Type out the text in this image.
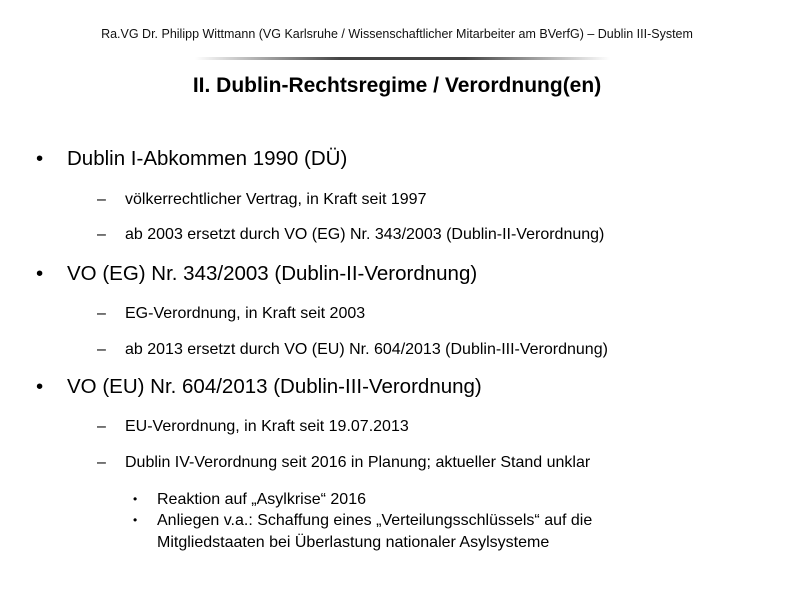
Ra.VG Dr. Philipp Wittmann (VG Karlsruhe / Wissenschaftlicher Mitarbeiter am BVerfG) – Dublin III-System
II. Dublin-Rechtsregime / Verordnung(en)
• Dublin I-Abkommen 1990 (DÜ)
– völkerrechtlicher Vertrag, in Kraft seit 1997
– ab 2003 ersetzt durch VO (EG) Nr. 343/2003 (Dublin-II-Verordnung)
• VO (EG) Nr. 343/2003 (Dublin-II-Verordnung)
– EG-Verordnung, in Kraft seit 2003
– ab 2013 ersetzt durch VO (EU) Nr. 604/2013 (Dublin-III-Verordnung)
• VO (EU) Nr. 604/2013 (Dublin-III-Verordnung)
– EU-Verordnung, in Kraft seit 19.07.2013
– Dublin IV-Verordnung seit 2016 in Planung; aktueller Stand unklar
• Reaktion auf „Asylkrise“ 2016
• Anliegen v.a.: Schaffung eines „Verteilungsschlüssels“ auf die Mitgliedstaaten bei Überlastung nationaler Asylsysteme
